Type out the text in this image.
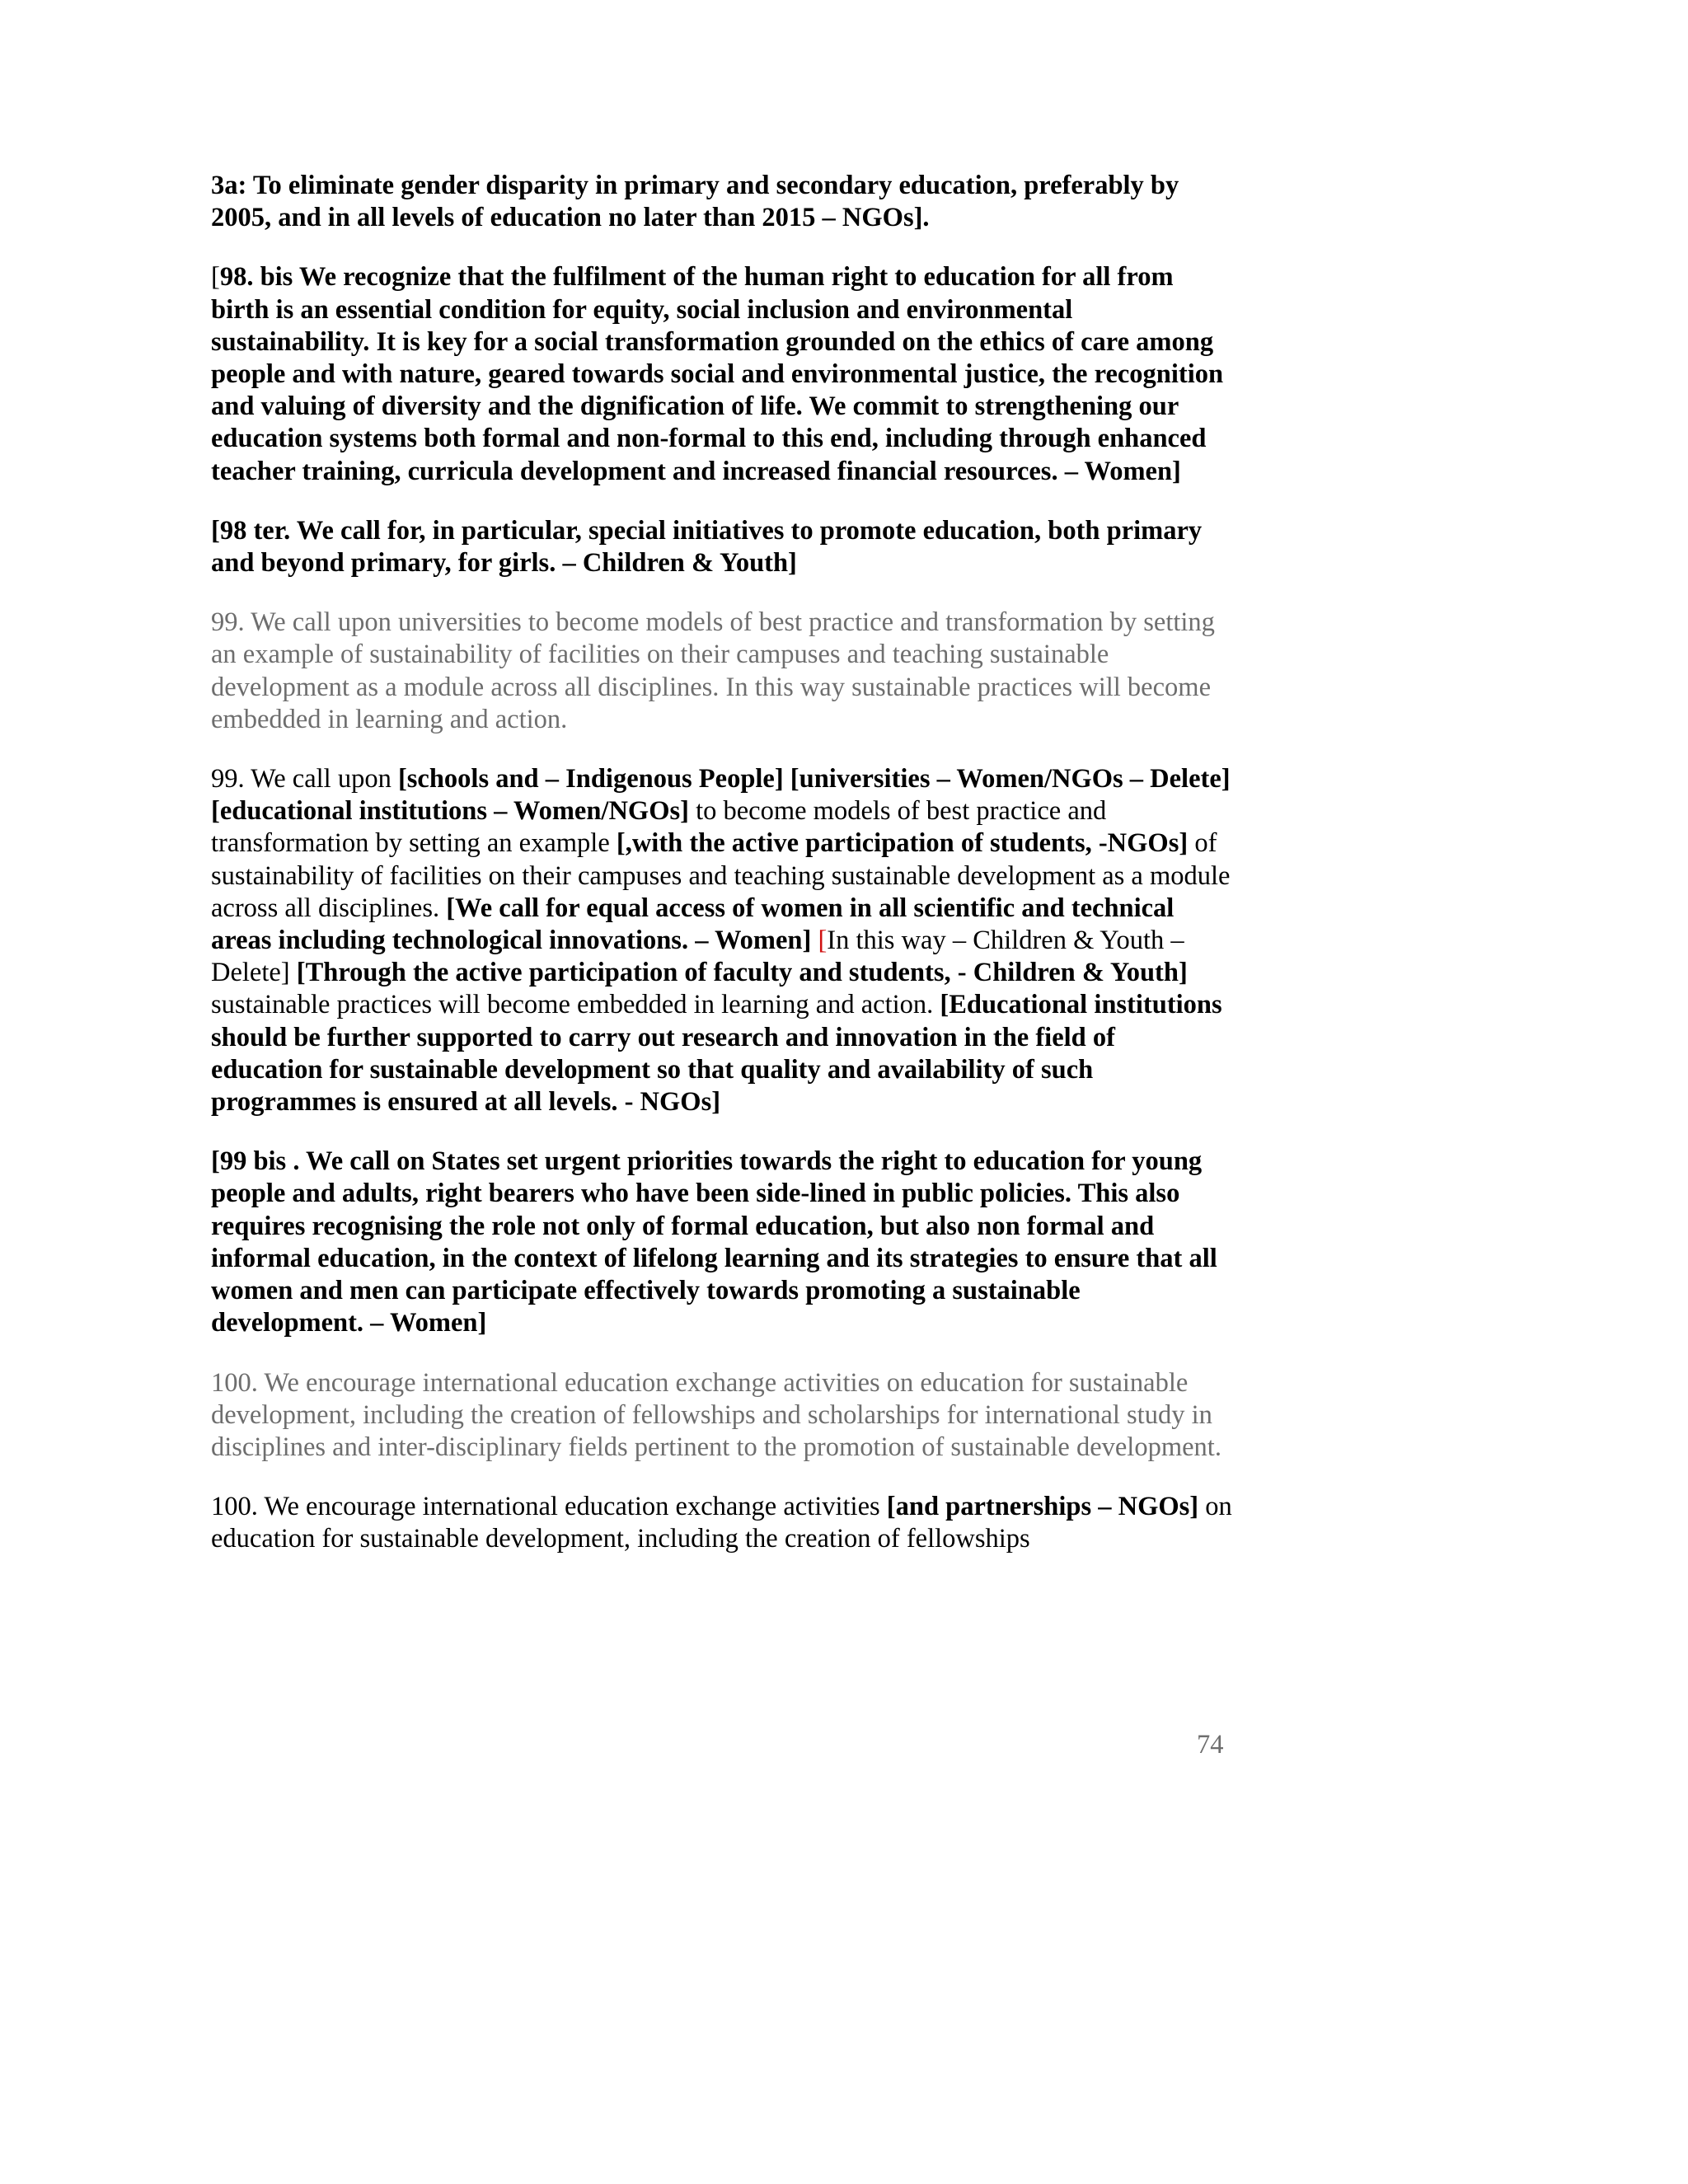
3a: To eliminate gender disparity in primary and secondary education, preferably by 2005, and in all levels of education no later than 2015 – NGOs].

[98. bis We recognize that the fulfilment of the human right to education for all from birth is an essential condition for equity, social inclusion and environmental sustainability. It is key for a social transformation grounded on the ethics of care among people and with nature, geared towards social and environmental justice, the recognition and valuing of diversity and the dignification of life. We commit to strengthening our education systems both formal and non-formal to this end, including through enhanced teacher training, curricula development and increased financial resources. – Women]

[98 ter. We call for, in particular, special initiatives to promote education, both primary and beyond primary, for girls. – Children & Youth]

99. We call upon universities to become models of best practice and transformation by setting an example of sustainability of facilities on their campuses and teaching sustainable development as a module across all disciplines. In this way sustainable practices will become embedded in learning and action.

99. We call upon [schools and – Indigenous People] [universities – Women/NGOs – Delete] [educational institutions – Women/NGOs] to become models of best practice and transformation by setting an example [,with the active participation of students, -NGOs] of sustainability of facilities on their campuses and teaching sustainable development as a module across all disciplines. [We call for equal access of women in all scientific and technical areas including technological innovations. – Women] [In this way – Children & Youth – Delete] [Through the active participation of faculty and students, - Children & Youth] sustainable practices will become embedded in learning and action. [Educational institutions should be further supported to carry out research and innovation in the field of education for sustainable development so that quality and availability of such programmes is ensured at all levels. - NGOs]

[99 bis . We call on States set urgent priorities towards the right to education for young people and adults, right bearers who have been side-lined in public policies. This also requires recognising the role not only of formal education, but also non formal and informal education, in the context of lifelong learning and its strategies to ensure that all women and men can participate effectively towards promoting a sustainable development. – Women]

100. We encourage international education exchange activities on education for sustainable development, including the creation of fellowships and scholarships for international study in disciplines and inter-disciplinary fields pertinent to the promotion of sustainable development.

100. We encourage international education exchange activities [and partnerships – NGOs] on education for sustainable development, including the creation of fellowships

74
